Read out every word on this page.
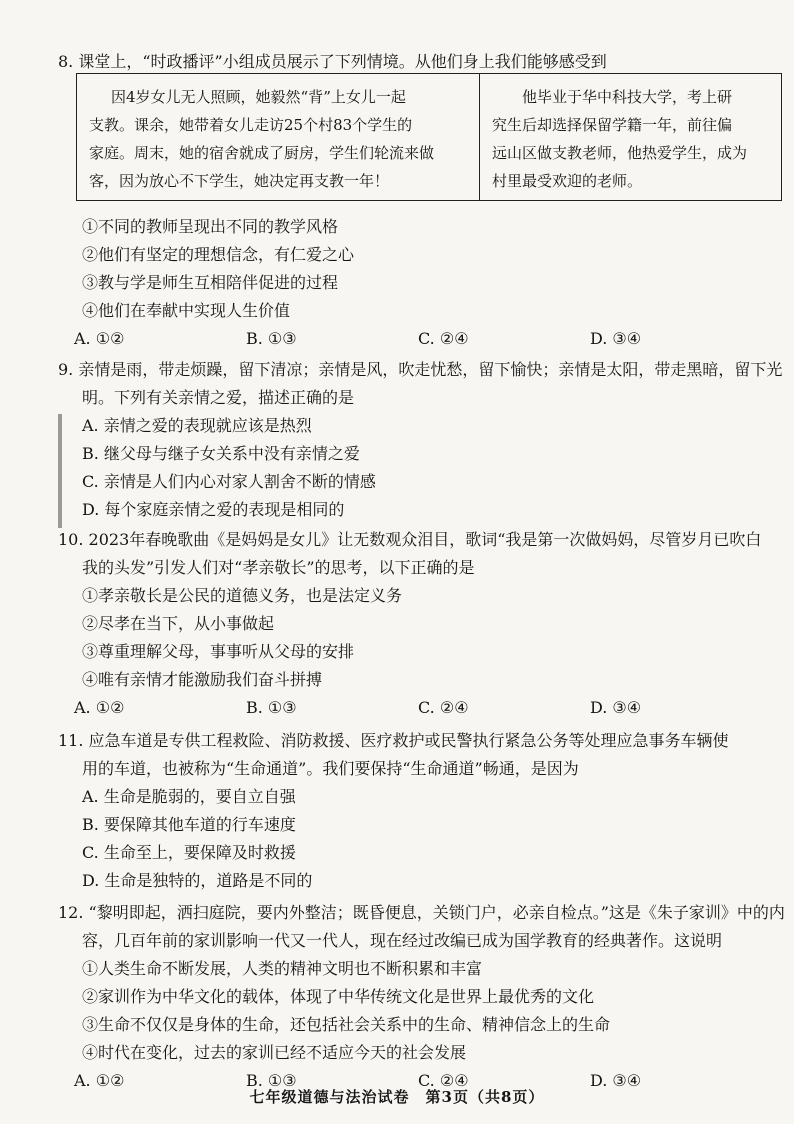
8. 课堂上，“时政播评”小组成员展示了下列情境。从他们身上我们能够感受到
因4岁女儿无人照顾，她毅然“背”上女儿一起
支教。课余，她带着女儿走访25个村83个学生的
家庭。周末，她的宿舍就成了厨房，学生们轮流来做
客，因为放心不下学生，她决定再支教一年！
他毕业于华中科技大学，考上研
究生后却选择保留学籍一年，前往偏
远山区做支教老师，他热爱学生，成为
村里最受欢迎的老师。
①不同的教师呈现出不同的教学风格
②他们有坚定的理想信念，有仁爱之心
③教与学是师生互相陪伴促进的过程
④他们在奉献中实现人生价值
A. ①②	B. ①③	C. ②④	D. ③④
9. 亲情是雨，带走烦躁，留下清凉；亲情是风，吹走忧愁，留下愉快；亲情是太阳，带走黑暗，留下光
明。下列有关亲情之爱，描述正确的是
A. 亲情之爱的表现就应该是热烈
B. 继父母与继子女关系中没有亲情之爱
C. 亲情是人们内心对家人割舍不断的情感
D. 每个家庭亲情之爱的表现是相同的
10. 2023年春晚歌曲《是妈妈是女儿》让无数观众泪目，歌词“我是第一次做妈妈，尽管岁月已吹白
我的头发”引发人们对“孝亲敬长”的思考，以下正确的是
①孝亲敬长是公民的道德义务，也是法定义务
②尽孝在当下，从小事做起
③尊重理解父母，事事听从父母的安排
④唯有亲情才能激励我们奋斗拼搏
A. ①②	B. ①③	C. ②④	D. ③④
11. 应急车道是专供工程救险、消防救援、医疗救护或民警执行紧急公务等处理应急事务车辆使
用的车道，也被称为“生命通道”。我们要保持“生命通道”畅通，是因为
A. 生命是脆弱的，要自立自强
B. 要保障其他车道的行车速度
C. 生命至上，要保障及时救援
D. 生命是独特的，道路是不同的
12. “黎明即起，洒扫庭院，要内外整洁；既昏便息，关锁门户，必亲自检点。”这是《朱子家训》中的内
容，几百年前的家训影响一代又一代人，现在经过改编已成为国学教育的经典著作。这说明
①人类生命不断发展，人类的精神文明也不断积累和丰富
②家训作为中华文化的载体，体现了中华传统文化是世界上最优秀的文化
③生命不仅仅是身体的生命，还包括社会关系中的生命、精神信念上的生命
④时代在变化，过去的家训已经不适应今天的社会发展
A. ①②	B. ①③	C. ②④	D. ③④
七年级道德与法治试卷　第3页（共8页）
